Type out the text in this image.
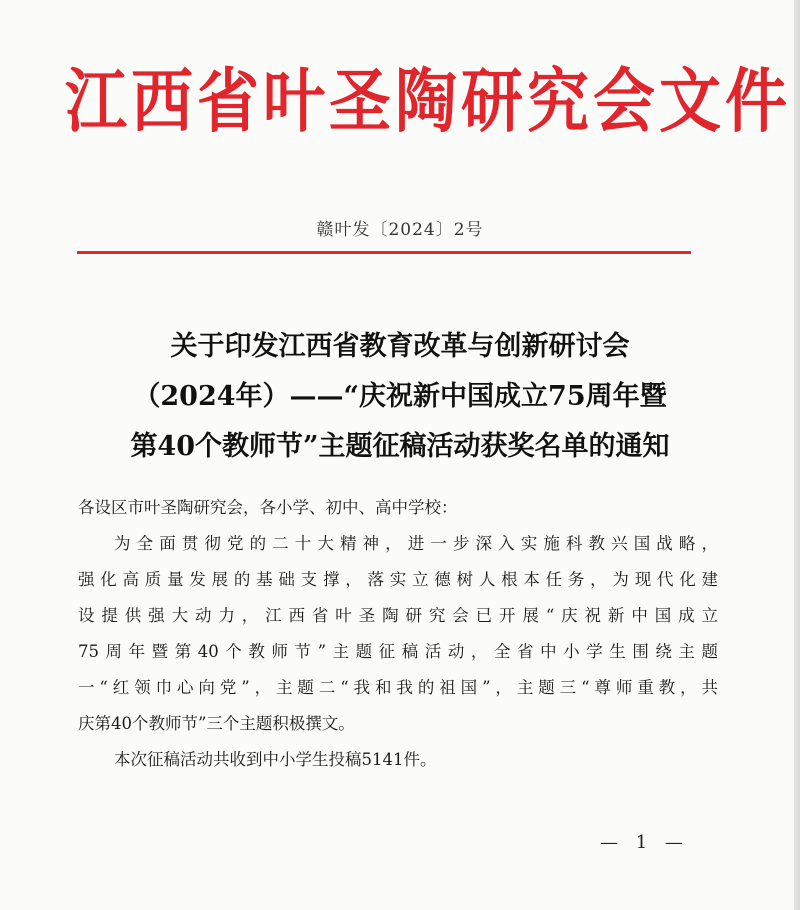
江西省叶圣陶研究会文件
赣叶发〔2024〕2号
关于印发江西省教育改革与创新研讨会
（2024年）——“庆祝新中国成立75周年暨
第40个教师节”主题征稿活动获奖名单的通知
各设区市叶圣陶研究会，各小学、初中、高中学校：
为全面贯彻党的二十大精神，进一步深入实施科教兴国战略，
强化高质量发展的基础支撑，落实立德树人根本任务，为现代化建
设提供强大动力，江西省叶圣陶研究会已开展“庆祝新中国成立
75周年暨第40个教师节”主题征稿活动，全省中小学生围绕主题
一“红领巾心向党”，主题二“我和我的祖国”，主题三“尊师重教，共
庆第40个教师节”三个主题积极撰文。
本次征稿活动共收到中小学生投稿5141件。
— 1 —
